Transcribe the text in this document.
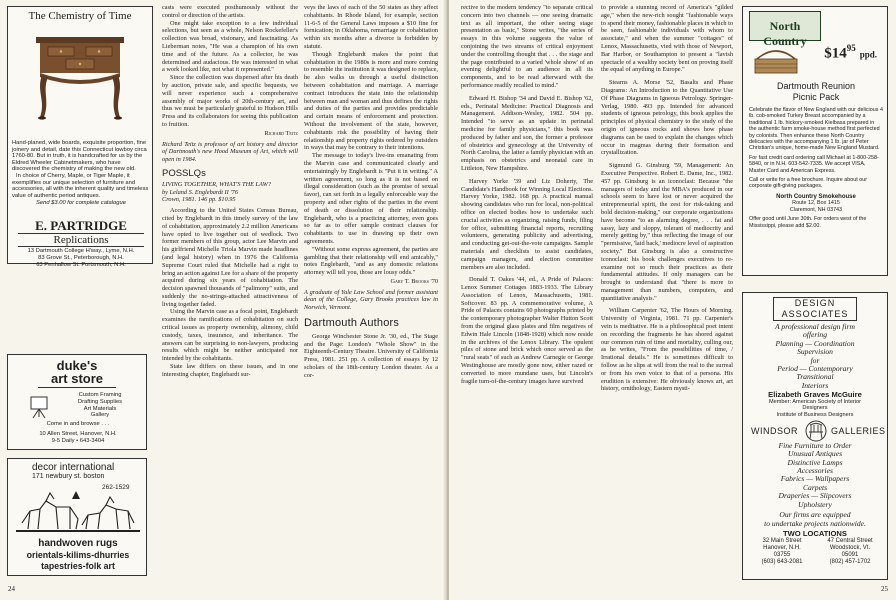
The Chemistry of Time
Hand-planed, wide boards, exquisite proportion, fine joinery and detail, date this Connecticut lowboy circa 1760-80. But in truth, it is handcrafted for us by the Eldred Wheeler Cabinetmakers, who have discovered the chemistry of making the new old.
In choice of Cherry, Maple, or Tiger Maple, it exemplifies our unique selection of furniture and accessories, all with the inherent quality and timeless value of authentic period antiques.
Send $3.00 for complete catalogue
E. PARTRIDGE
Replications
13 Dartmouth College H'way., Lyme, N.H.
83 Grove St., Peterborough, N.H.
63 Penhallow St. Portsmouth, N.H.
duke's
art store
Custom Framing
Drafting Supplies
Art Materials
Gallery
Come in and browse . . .
10 Allen Street, Hanover, N.H.
9-5 Daily • 643-3404
decor international
171 newbury st. boston
262-1529
handwoven rugs
orientals-kilims-dhurries
tapestries-folk art

casts were executed posthumously without the control or direction of the artists.

One might take exception to a few individual selections, but seen as a whole, Nelson Rockefeller's collection was broad, visionary, and fascinating. As Lieberman notes, "He was a champion of his own time and of the future. As a collector, he was determined and audacious. He was interested in what a work looked like, not what it represented."

Since the collection was dispersed after his death by auction, private sale, and specific bequests, we will never experience such a comprehensive assembly of major works of 20th-century art, and thus we must be particularly grateful to Hudson Hills Press and its collaborators for seeing this publication to fruition.

Richard Teitz
Richard Teitz is professor of art history and director of Dartmouth's new Hood Museum of Art, which will open in 1984.
POSSLQs
LIVING TOGETHER, WHAT'S THE LAW?
by Leland S. Englebardt II '76
Crown, 1981. 146 pp. $10.95

According to the United States Census Bureau, cited by Englebardt in this timely survey of the law of cohabitation, approximately 2.2 million Americans have opted to live together out of wedlock. Two former members of this group, actor Lee Marvin and his girlfriend Michelle Triola Marvin made headlines (and legal history) when in 1976 the California Supreme Court ruled that Michelle had a right to bring an action against Lee for a share of the property acquired during six years of cohabitation. The decision spawned thousands of "palimony" suits, and suddenly the no-strings-attached attractiveness of living together faded.

Using the Marvin case as a focal point, Englebardt examines the ramifications of cohabitation on such critical issues as property ownership, alimony, child custody, taxes, insurance, and inheritance. The answers can be surprising to non-lawyers, producing results which might be neither anticipated nor intended by the cohabitants.

State law differs on these issues, and in one interesting chapter, Englebardt sur-

veys the laws of each of the 50 states as they affect cohabitants. In Rhode Island, for example, section 11-6-5 of the General Laws imposes a $10 fine for fornication; in Oklahoma, remarriage or cohabitation within six months after a divorce is forbidden by statute.

Though Englebardt makes the point that cohabitation in the 1980s is more and more coming to resemble the institution it was designed to replace, he also walks us through a useful distinction between cohabitation and marriage. A marriage contract introduces the state into the relationship between man and woman and thus defines the rights and duties of the parties and provides predictable and certain means of enforcement and protection. Without the involvement of the state, however, cohabitants risk the possibility of having their relationship and property rights ordered by outsiders in ways that may be contrary to their intentions.

The message to today's live-ins emanating from the Marvin case and communicated clearly and entertainingly by Englebardt is "Put it in writing." A written agreement, so long as it is not based on illegal consideration (such as the promise of sexual favor), can set forth in a legally enforceable way the property and other rights of the parties in the event of death or dissolution of their relationship. Englebardt, who is a practicing attorney, even goes so far as to offer sample contract clauses for cohabitants to use in drawing up their own agreements.

"Without some express agreement, the parties are gambling that their relationship will end amicably," notes Englebardt, "and as any domestic relations attorney will tell you, those are lousy odds."

Gary T. Brooks '70
A graduate of Yale Law School and former assistant dean of the College, Gary Brooks practices law in Norwich, Vermont.
Dartmouth Authors

George Winchester Stone Jr. '30, ed., The Stage and the Page: London's "Whole Show" in the Eighteenth-Century Theatre. University of California Press, 1981. 251 pp. A collection of essays by 12 scholars of the 18th-century London theater. As a cor-

24

rective to the modern tendency "to separate critical concern into two channels — one seeing dramatic text as all important, the other seeing stage presentation as basic," Stone writes, "the series of essays in this volume suggests the value of conjoining the two streams of critical enjoyment under the controlling thought that . . . the stage and the page contributed to a varied 'whole show' of an evening delightful to an audience in all its components, and to be read afterward with the performance readily recalled to mind."

Edward H. Bishop '34 and David E. Bishop '62, eds., Perinatal Medicine: Practical Diagnosis and Management. Addison-Wesley, 1982. 504 pp. Intended "to serve as an update in perinatal medicine for family physicians," this book was produced by father and son, the former a professor of obstetrics and gynecology at the University of North Carolina, the latter a family physician with an emphasis on obstetrics and neonatal care in Littleton, New Hampshire.

Harvey Yorke '39 and Liz Doherty, The Candidate's Handbook for Winning Local Elections. Harvey Yorke, 1982. 168 pp. A practical manual showing candidates who run for local, non-political office on elected bodies how to undertake such crucial activities as organizing, raising funds, filing for office, submitting financial reports, recruiting volunteers, generating publicity and advertising, and conducting get-out-the-vote campaigns. Sample materials and checklists to assist candidates, campaign managers, and election committee members are also included.

Donald T. Oakes '44, ed., A Pride of Palaces: Lenox Summer Cottages 1883-1933. The Library Association of Lenox, Massachusetts, 1981. Softcover. 83 pp. A commemorative volume, A Pride of Palaces contains 60 photographs printed by the contemporary photographer Walter Hutton Scott from the original glass plates and film negatives of Edwin Hale Lincoln (1848-1928) which now reside in the archives of the Lenox Library. The opulent piles of stone and brick which once served as the "rural seats" of such as Andrew Carnegie or George Westinghouse are mostly gone now, either razed or converted to more mundane uses, but Lincoln's fragile turn-of-the-century images have survived

to provide a stunning record of America's "gilded age," when the new-rich sought "fashionable ways to spend their money, fashionable places in which to be seen, fashionable individuals with whom to associate," and when the summer "cottages" of Lenox, Massachusetts, vied with those of Newport, Bar Harbor, or Southampton to present a "lavish spectacle of a wealthy society bent on proving itself the equal of anything in Europe."

Stearns A. Morse '52, Basalts and Phase Diagrams: An Introduction to the Quantitative Use Of Phase Diagrams in Igneous Petrology. Springer-Verlag, 1980. 493 pp. Intended for advanced students of igneous petrology, this book applies the principles of physical chemistry to the study of the origin of igneous rocks and shows how phase diagrams can be used to explain the changes which occur in magmas during their formation and crystallization.

Sigmund G. Ginsburg '59, Management: An Executive Perspective. Robert E. Dame, Inc., 1982. 457 pp. Ginsburg is an iconoclast: Because "the managers of today and the MBA's produced in our schools seem to have lost or never acquired the entrepreneurial spirit, the zest for risk-taking and bold decision-making," our corporate organizations have become "to an alarming degree, . . . fat and sassy, lazy and sloppy, tolerant of mediocrity and merely getting by," thus reflecting the image of our "permissive, 'laid back,' mediocre level of aspiration society." But Ginsburg is also a constructive iconoclast: his book challenges executives to re-examine not so much their practices as their fundamental attitudes. If only managers can be brought to understand that "there is more to management than numbers, computers, and quantitative analysis."

William Carpenter '62, The Hours of Morning. University of Virginia, 1981. 71 pp. Carpenter's vein is meditative. He is a philosophical poet intent on recording the fragments he has shored against our common ruin of time and mortality, culling our, as he writes, "From the possibilities of time, / Irrational details." He is sometimes difficult to follow as he slips at will from the real to the surreal or from his own voice to that of a persona. His erudition is extensive: He obviously knows art, art history, ornithology, Eastern mysti-

North Country
$\$14^{95}$ ppd.
Dartmouth Reunion
Picnic Pack
Celebrate the flavor of New England with our delicious 4 lb. cob-smoked Turkey Breast accompanied by a traditional 1 lb. hickory-smoked Kielbasa prepared in the authentic farm smoke-house method first perfected by colonists. Then enhance these North Country delicacies with the accompanying 1 lb. jar of Peter Christian's unique, home-made New England Mustard.
For fast credit card ordering call Michael at 1-800-258-5840, or in N.H. 603-542-7335. We accept VISA, Master Card and American Express.
Call or write for a free brochure. Inquire about our corporate gift-giving packages.
North Country Smokehouse
Route 12, Box 1415
Claremont, NH 03743
Offer good until June 30th. For orders west of the Mississippi, please add $2.00.
DESIGN ASSOCIATES
A professional design firm
offering
Planning — Coordination
Supervision
for
Period — Contemporary
Transitional
Interiors
Elizabeth Graves McGuire
Member: American Society of Interior
Designers
Institute of Business Designers
WINDSOR	GALLERIES
Fine Furniture to Order
Unusual Antiques
Distinctive Lamps
Accessories
Fabrics — Wallpapers
Carpets
Draperies — Slipcovers
Upholstery
Our firms are equipped
to undertake projects nationwide.
TWO LOCATIONS
32 Main Street
Hanover, N.H.
03755
(603) 643-2081
47 Central Street
Woodstock, Vt.
05091
(802) 457-1702
25
